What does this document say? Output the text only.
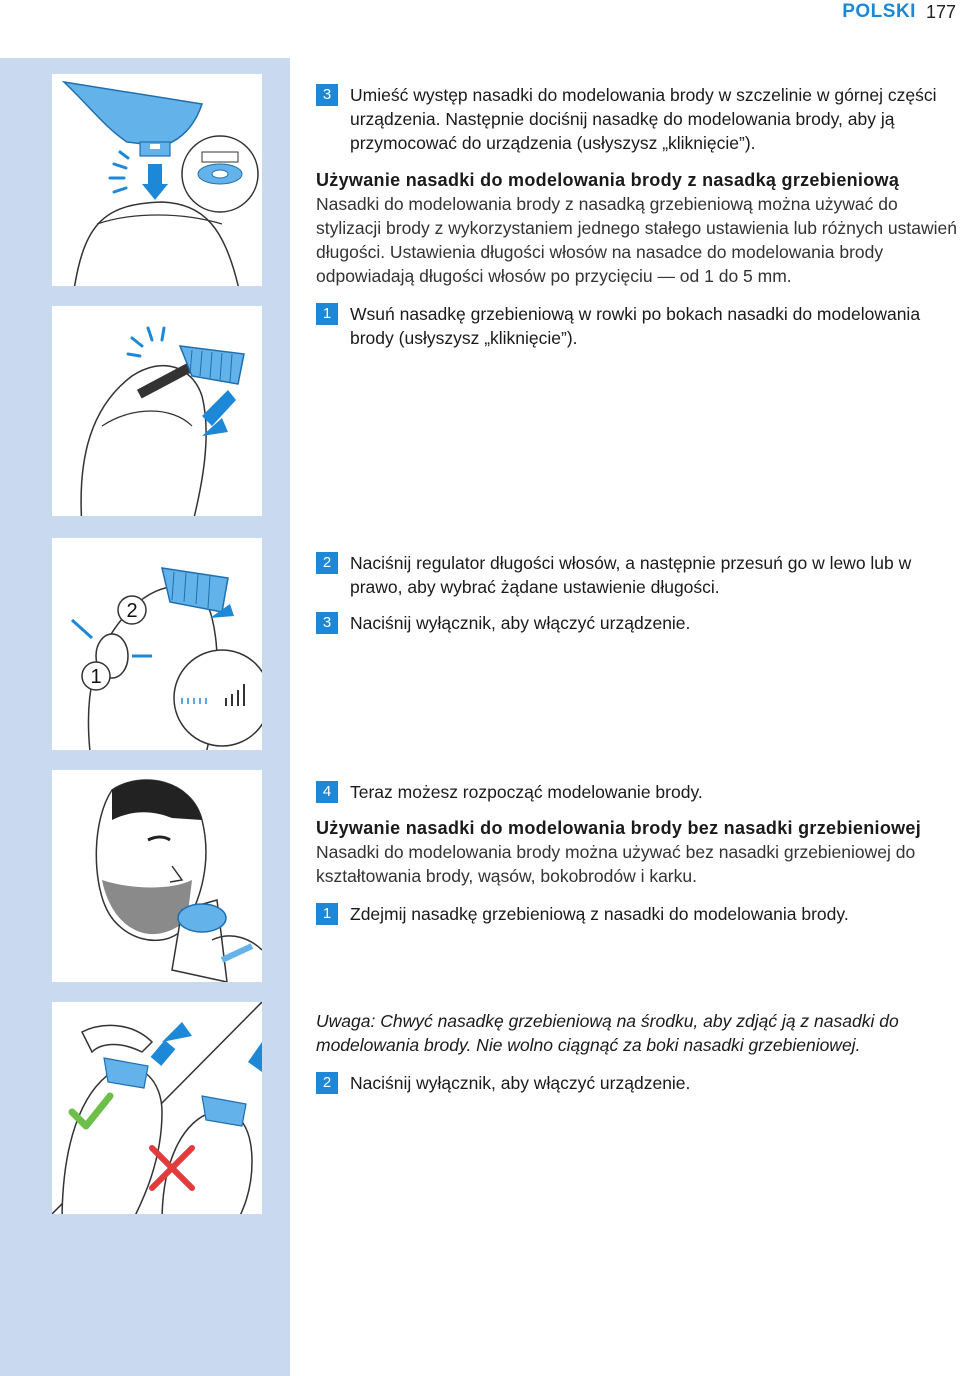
POLSKI 177
2
1
3	Umieść występ nasadki do modelowania brody w szczelinie w górnej części urządzenia. Następnie dociśnij nasadkę do modelowania brody, aby ją przymocować do urządzenia (usłyszysz „kliknięcie”).
Używanie nasadki do modelowania brody z nasadką grzebieniową
Nasadki do modelowania brody z nasadką grzebieniową można używać do stylizacji brody z wykorzystaniem jednego stałego ustawienia lub różnych ustawień długości. Ustawienia długości włosów na nasadce do modelowania brody odpowiadają długości włosów po przycięciu — od 1 do 5 mm.
1	Wsuń nasadkę grzebieniową w rowki po bokach nasadki do modelowania brody (usłyszysz „kliknięcie”).
2	Naciśnij regulator długości włosów, a następnie przesuń go w lewo lub w prawo, aby wybrać żądane ustawienie długości.
3	Naciśnij wyłącznik, aby włączyć urządzenie.
4	Teraz możesz rozpocząć modelowanie brody.
Używanie nasadki do modelowania brody bez nasadki grzebieniowej
Nasadki do modelowania brody można używać bez nasadki grzebieniowej do kształtowania brody, wąsów, bokobrodów i karku.
1	Zdejmij nasadkę grzebieniową z nasadki do modelowania brody.
Uwaga: Chwyć nasadkę grzebieniową na środku, aby zdjąć ją z nasadki do modelowania brody. Nie wolno ciągnąć za boki nasadki grzebieniowej.
2	Naciśnij wyłącznik, aby włączyć urządzenie.
